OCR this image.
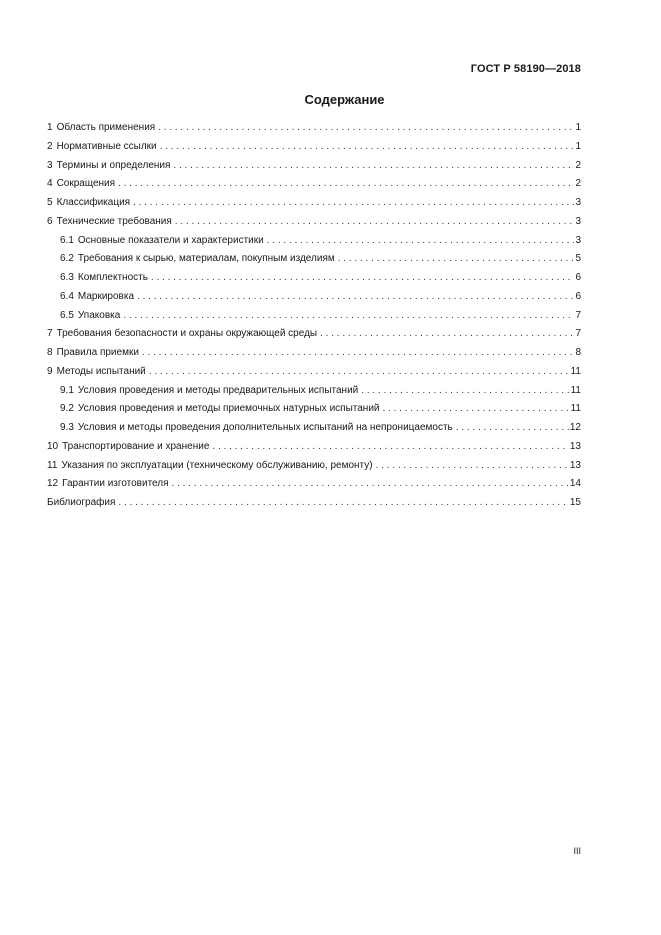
ГОСТ Р 58190—2018
Содержание
1 Область применения . . .	1
2 Нормативные ссылки . . .	1
3 Термины и определения . . .	2
4 Сокращения . . .	2
5 Классификация . . .	3
6 Технические требования . . .	3
6.1 Основные показатели и характеристики . . .	3
6.2 Требования к сырью, материалам, покупным изделиям . . .	5
6.3 Комплектность . . .	6
6.4 Маркировка . . .	6
6.5 Упаковка . . .	7
7 Требования безопасности и охраны окружающей среды . . .	7
8 Правила приемки . . .	8
9 Методы испытаний . . .	11
9.1 Условия проведения и методы предварительных испытаний . . .	11
9.2 Условия проведения и методы приемочных натурных испытаний . . .	11
9.3 Условия и методы проведения дополнительных испытаний на непроницаемость . . .	12
10 Транспортирование и хранение . . .	13
11 Указания по эксплуатации (техническому обслуживанию, ремонту) . . .	13
12 Гарантии изготовителя . . .	14
Библиография . . .	15
III
